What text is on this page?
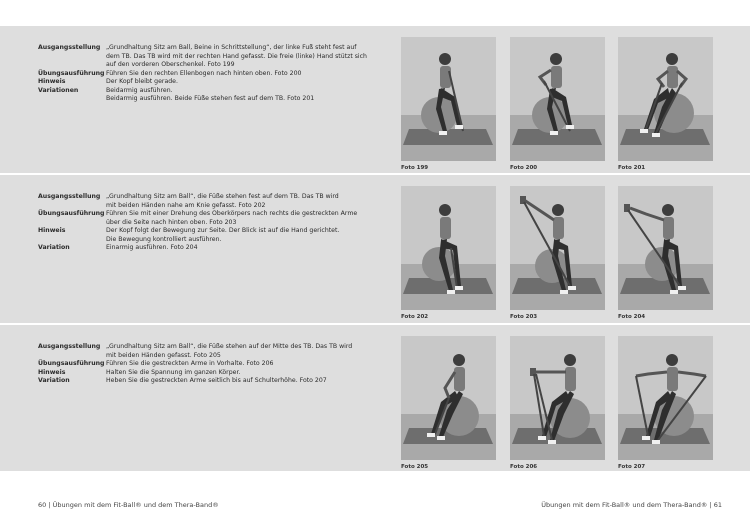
Ausgangsstellung „Grundhaltung Sitz am Ball, Beine in Schrittstellung“, der linke Fuß steht fest auf
dem TB. Das TB wird mit der rechten Hand gefasst. Die freie (linke) Hand stützt sich
auf den vorderen Oberschenkel. Foto 199
Übungsausführung Führen Sie den rechten Ellenbogen nach hinten oben. Foto 200
Hinweis	Der Kopf bleibt gerade.
Variationen	Beidarmig ausführen.
Beidarmig ausführen. Beide Füße stehen fest auf dem TB. Foto 201
Foto 199	Foto 200	Foto 201
Ausgangsstellung „Grundhaltung Sitz am Ball“, die Füße stehen fest auf dem TB. Das TB wird
mit beiden Händen nahe am Knie gefasst. Foto 202
Übungsausführung Führen Sie mit einer Drehung des Oberkörpers nach rechts die gestreckten Arme
über die Seite nach hinten oben. Foto 203
Hinweis	Der Kopf folgt der Bewegung zur Seite. Der Blick ist auf die Hand gerichtet.
Die Bewegung kontrolliert ausführen.
Variation	Einarmig ausführen. Foto 204
Foto 202	Foto 203	Foto 204
Ausgangsstellung „Grundhaltung Sitz am Ball“, die Füße stehen auf der Mitte des TB. Das TB wird
mit beiden Händen gefasst. Foto 205
Übungsausführung Führen Sie die gestreckten Arme in Vorhalte. Foto 206
Hinweis	Halten Sie die Spannung im ganzen Körper.
Variation	Heben Sie die gestreckten Arme seitlich bis auf Schulterhöhe. Foto 207
Foto 205	Foto 206	Foto 207
60 | Übungen mit dem Fit-Ball® und dem Thera-Band®	Übungen mit dem Fit-Ball® und dem Thera-Band® | 61
